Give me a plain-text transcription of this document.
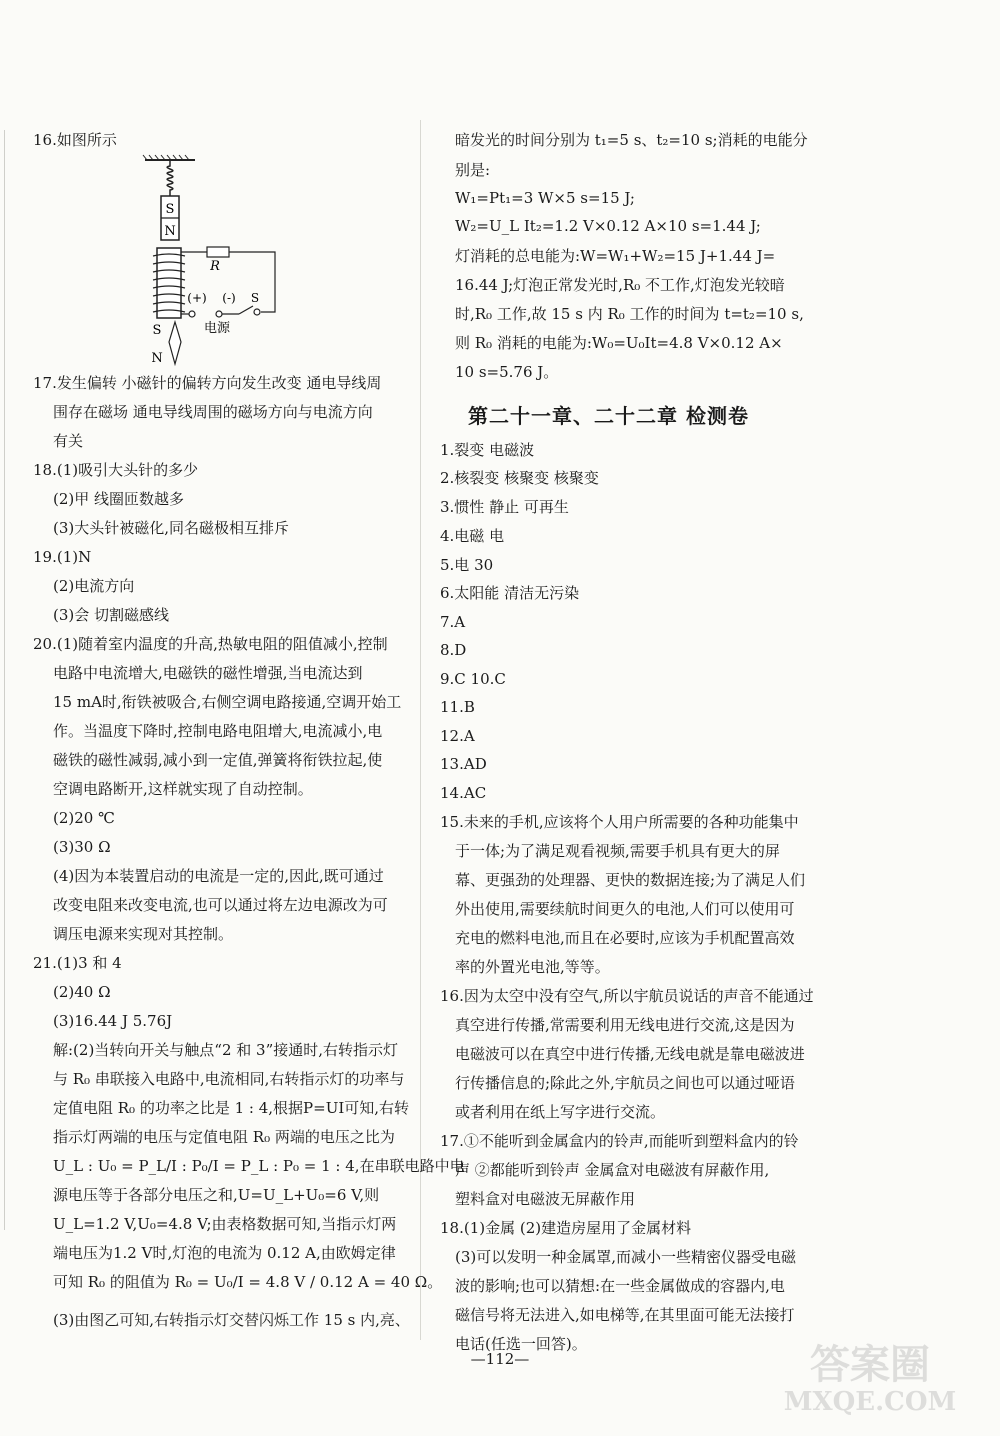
16.如图所示
S
N
R
(+) (-) S
电源
S
N
17.发生偏转 小磁针的偏转方向发生改变 通电导线周
围存在磁场 通电导线周围的磁场方向与电流方向
有关
18.(1)吸引大头针的多少
(2)甲 线圈匝数越多
(3)大头针被磁化,同名磁极相互排斥
19.(1)N
(2)电流方向
(3)会 切割磁感线
20.(1)随着室内温度的升高,热敏电阻的阻值减小,控制
电路中电流增大,电磁铁的磁性增强,当电流达到
15 mA时,衔铁被吸合,右侧空调电路接通,空调开始工
作。当温度下降时,控制电路电阻增大,电流减小,电
磁铁的磁性减弱,减小到一定值,弹簧将衔铁拉起,使
空调电路断开,这样就实现了自动控制。
(2)20 ℃
(3)30 Ω
(4)因为本装置启动的电流是一定的,因此,既可通过
改变电阻来改变电流,也可以通过将左边电源改为可
调压电源来实现对其控制。
21.(1)3 和 4
(2)40 Ω
(3)16.44 J 5.76J
解:(2)当转向开关与触点“2 和 3”接通时,右转指示灯
与 R₀ 串联接入电路中,电流相同,右转指示灯的功率与
定值电阻 R₀ 的功率之比是 1 : 4,根据P=UI可知,右转
指示灯两端的电压与定值电阻 R₀ 两端的电压之比为
U_L : U₀ = P_L/I : P₀/I = P_L : P₀ = 1 : 4,在串联电路中电
源电压等于各部分电压之和,U=U_L+U₀=6 V,则
U_L=1.2 V,U₀=4.8 V;由表格数据可知,当指示灯两
端电压为1.2 V时,灯泡的电流为 0.12 A,由欧姆定律
可知 R₀ 的阻值为 R₀ = U₀/I = 4.8 V / 0.12 A = 40 Ω。
(3)由图乙可知,右转指示灯交替闪烁工作 15 s 内,亮、
暗发光的时间分别为 t₁=5 s、t₂=10 s;消耗的电能分
别是:
W₁=Pt₁=3 W×5 s=15 J;
W₂=U_L It₂=1.2 V×0.12 A×10 s=1.44 J;
灯消耗的总电能为:W=W₁+W₂=15 J+1.44 J=
16.44 J;灯泡正常发光时,R₀ 不工作,灯泡发光较暗
时,R₀ 工作,故 15 s 内 R₀ 工作的时间为 t=t₂=10 s,
则 R₀ 消耗的电能为:W₀=U₀It=4.8 V×0.12 A×
10 s=5.76 J。
第二十一章、二十二章 检测卷
1.裂变 电磁波
2.核裂变 核聚变 核聚变
3.惯性 静止 可再生
4.电磁 电
5.电 30
6.太阳能 清洁无污染
7.A
8.D
9.C 10.C
11.B
12.A
13.AD
14.AC
15.未来的手机,应该将个人用户所需要的各种功能集中
于一体;为了满足观看视频,需要手机具有更大的屏
幕、更强劲的处理器、更快的数据连接;为了满足人们
外出使用,需要续航时间更久的电池,人们可以使用可
充电的燃料电池,而且在必要时,应该为手机配置高效
率的外置光电池,等等。
16.因为太空中没有空气,所以宇航员说话的声音不能通过
真空进行传播,常需要利用无线电进行交流,这是因为
电磁波可以在真空中进行传播,无线电就是靠电磁波进
行传播信息的;除此之外,宇航员之间也可以通过哑语
或者利用在纸上写字进行交流。
17.①不能听到金属盒内的铃声,而能听到塑料盒内的铃
声 ②都能听到铃声 金属盒对电磁波有屏蔽作用,
塑料盒对电磁波无屏蔽作用
18.(1)金属 (2)建造房屋用了金属材料
(3)可以发明一种金属罩,而减小一些精密仪器受电磁
波的影响;也可以猜想:在一些金属做成的容器内,电
磁信号将无法进入,如电梯等,在其里面可能无法接打
电话(任选一回答)。
—112—	答案圈
MXQE.COM
